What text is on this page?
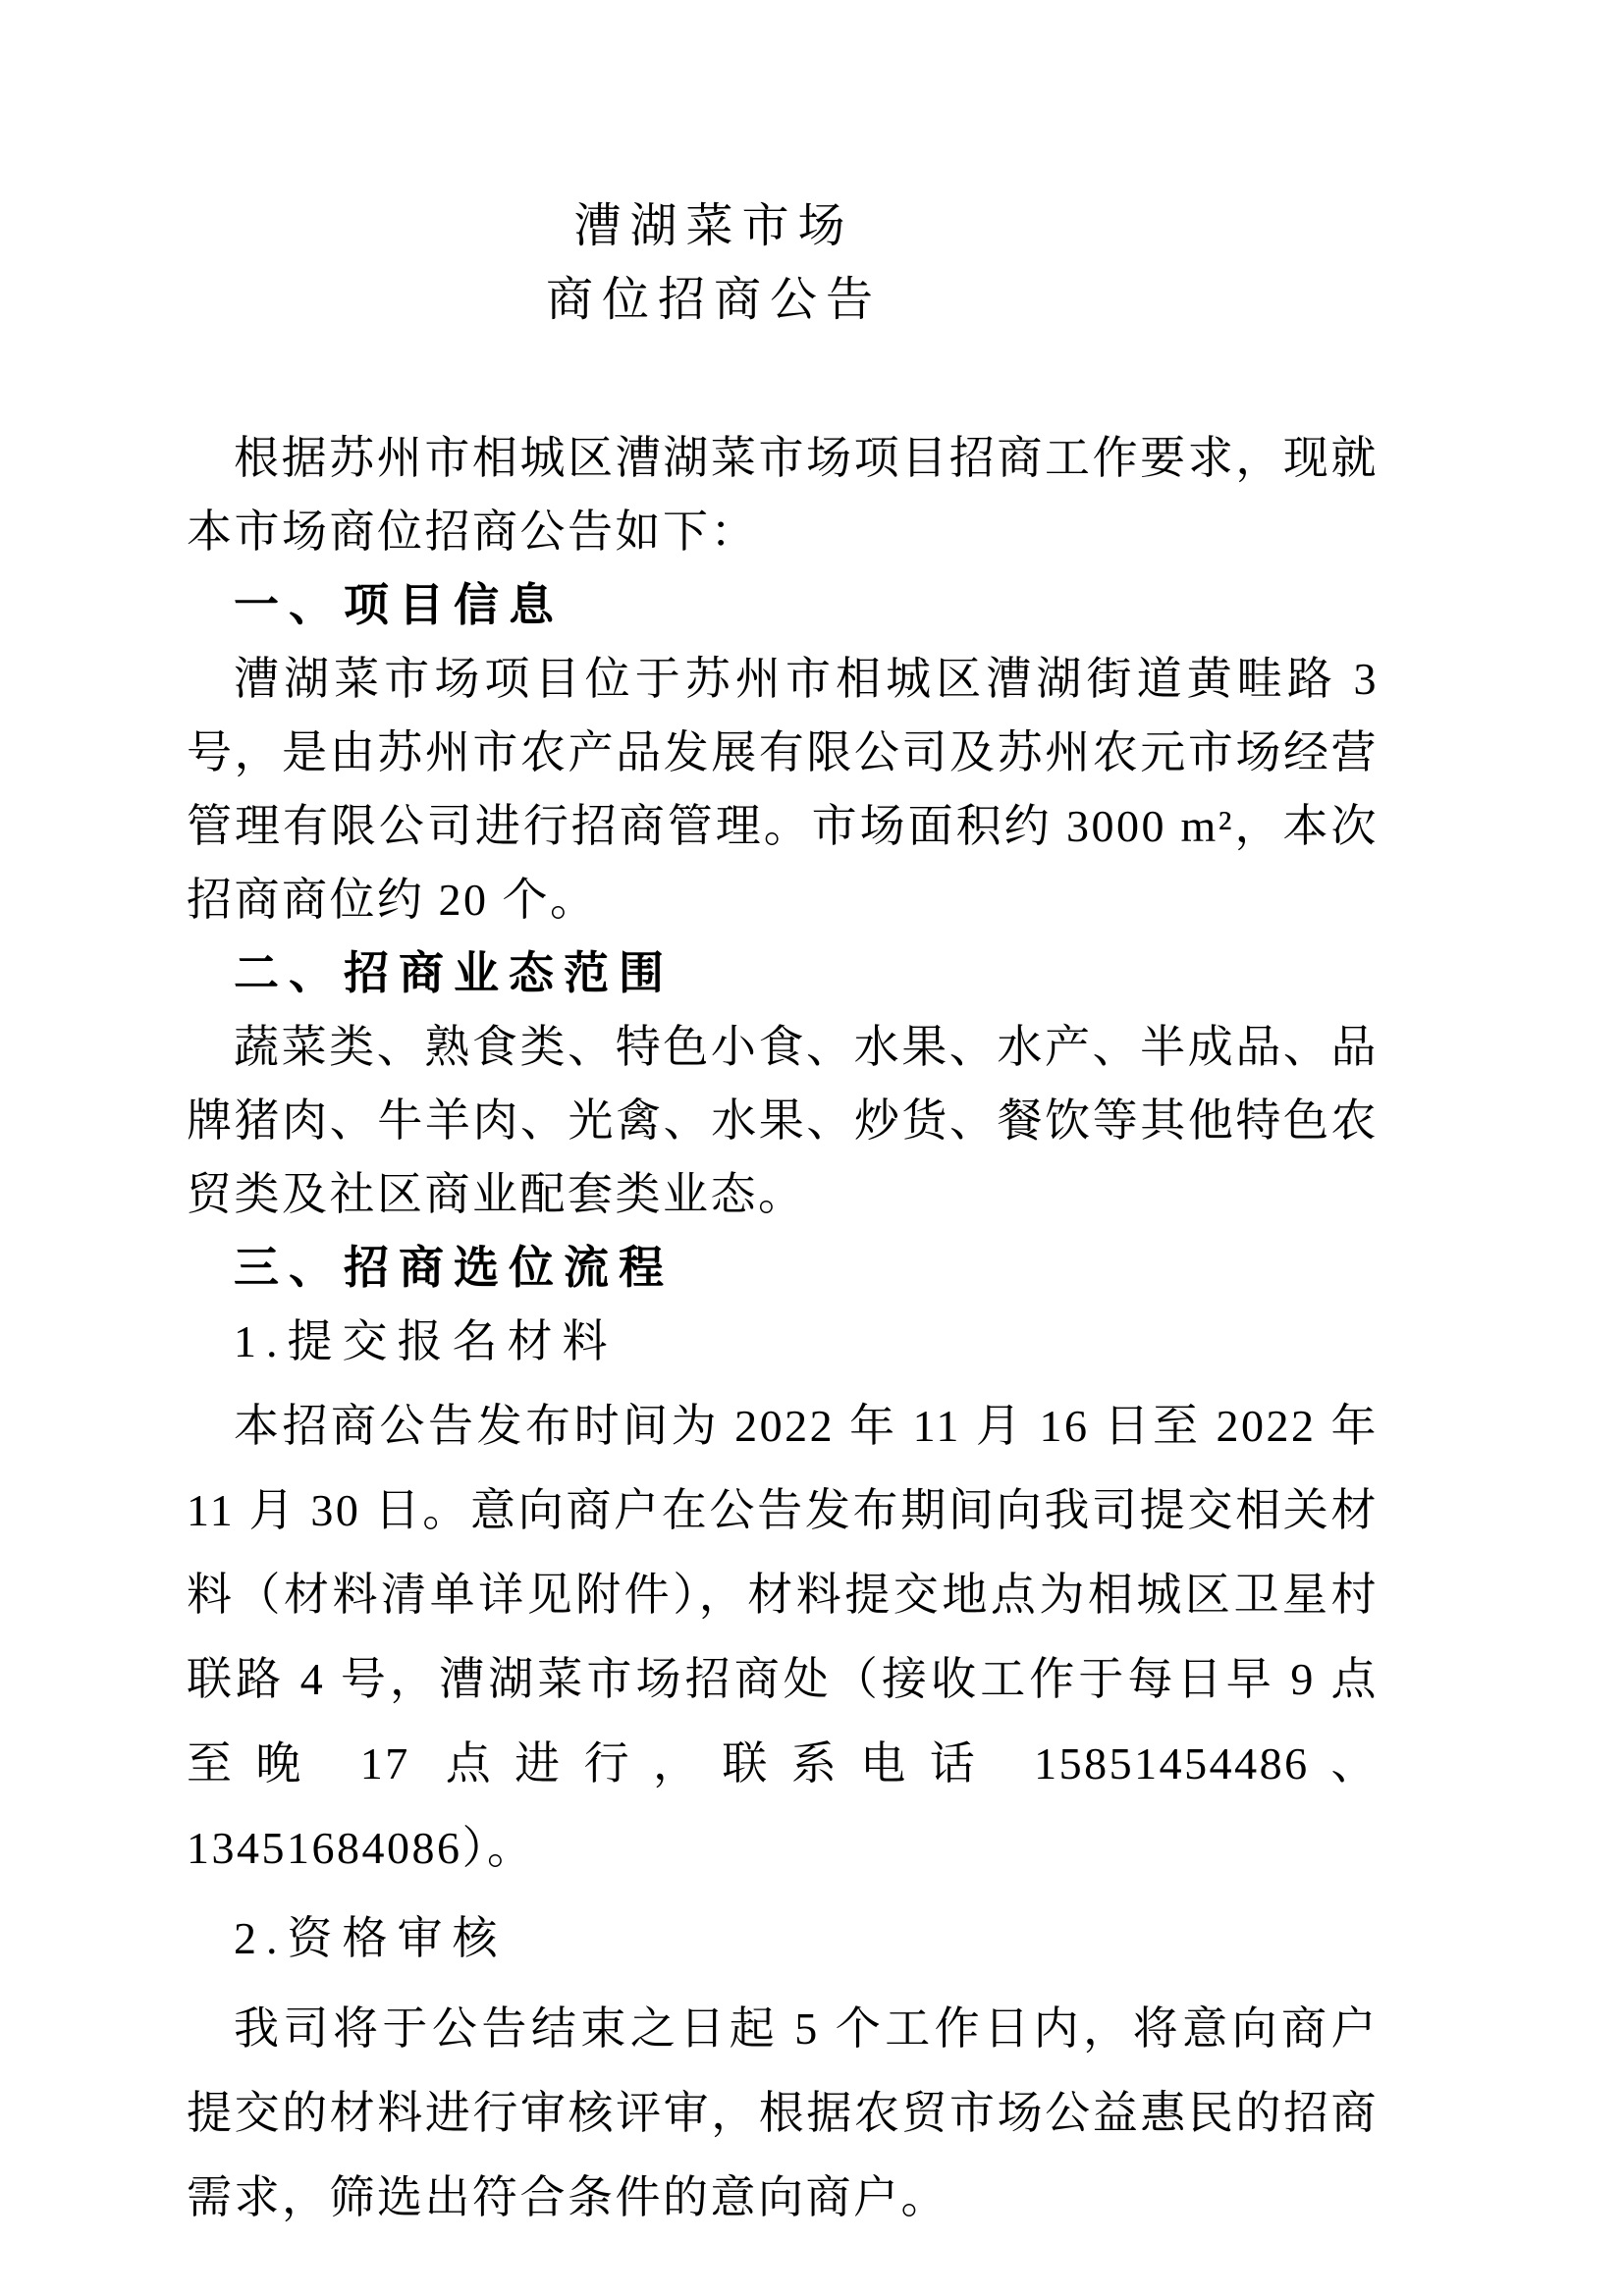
漕湖菜市场
商位招商公告
根据苏州市相城区漕湖菜市场项目招商工作要求，现就本市场商位招商公告如下：
一、项目信息
漕湖菜市场项目位于苏州市相城区漕湖街道黄畦路 3 号，是由苏州市农产品发展有限公司及苏州农元市场经营管理有限公司进行招商管理。市场面积约 3000 m²，本次招商商位约 20 个。
二、招商业态范围
蔬菜类、熟食类、特色小食、水果、水产、半成品、品牌猪肉、牛羊肉、光禽、水果、炒货、餐饮等其他特色农贸类及社区商业配套类业态。
三、招商选位流程
1.提交报名材料
本招商公告发布时间为 2022 年 11 月 16 日至 2022 年 11 月 30 日。意向商户在公告发布期间向我司提交相关材料（材料清单详见附件），材料提交地点为相城区卫星村联路 4 号，漕湖菜市场招商处（接收工作于每日早 9 点至晚 17 点进行，联系电话 15851454486、13451684086）。
2.资格审核
我司将于公告结束之日起 5 个工作日内，将意向商户提交的材料进行审核评审，根据农贸市场公益惠民的招商需求，筛选出符合条件的意向商户。
